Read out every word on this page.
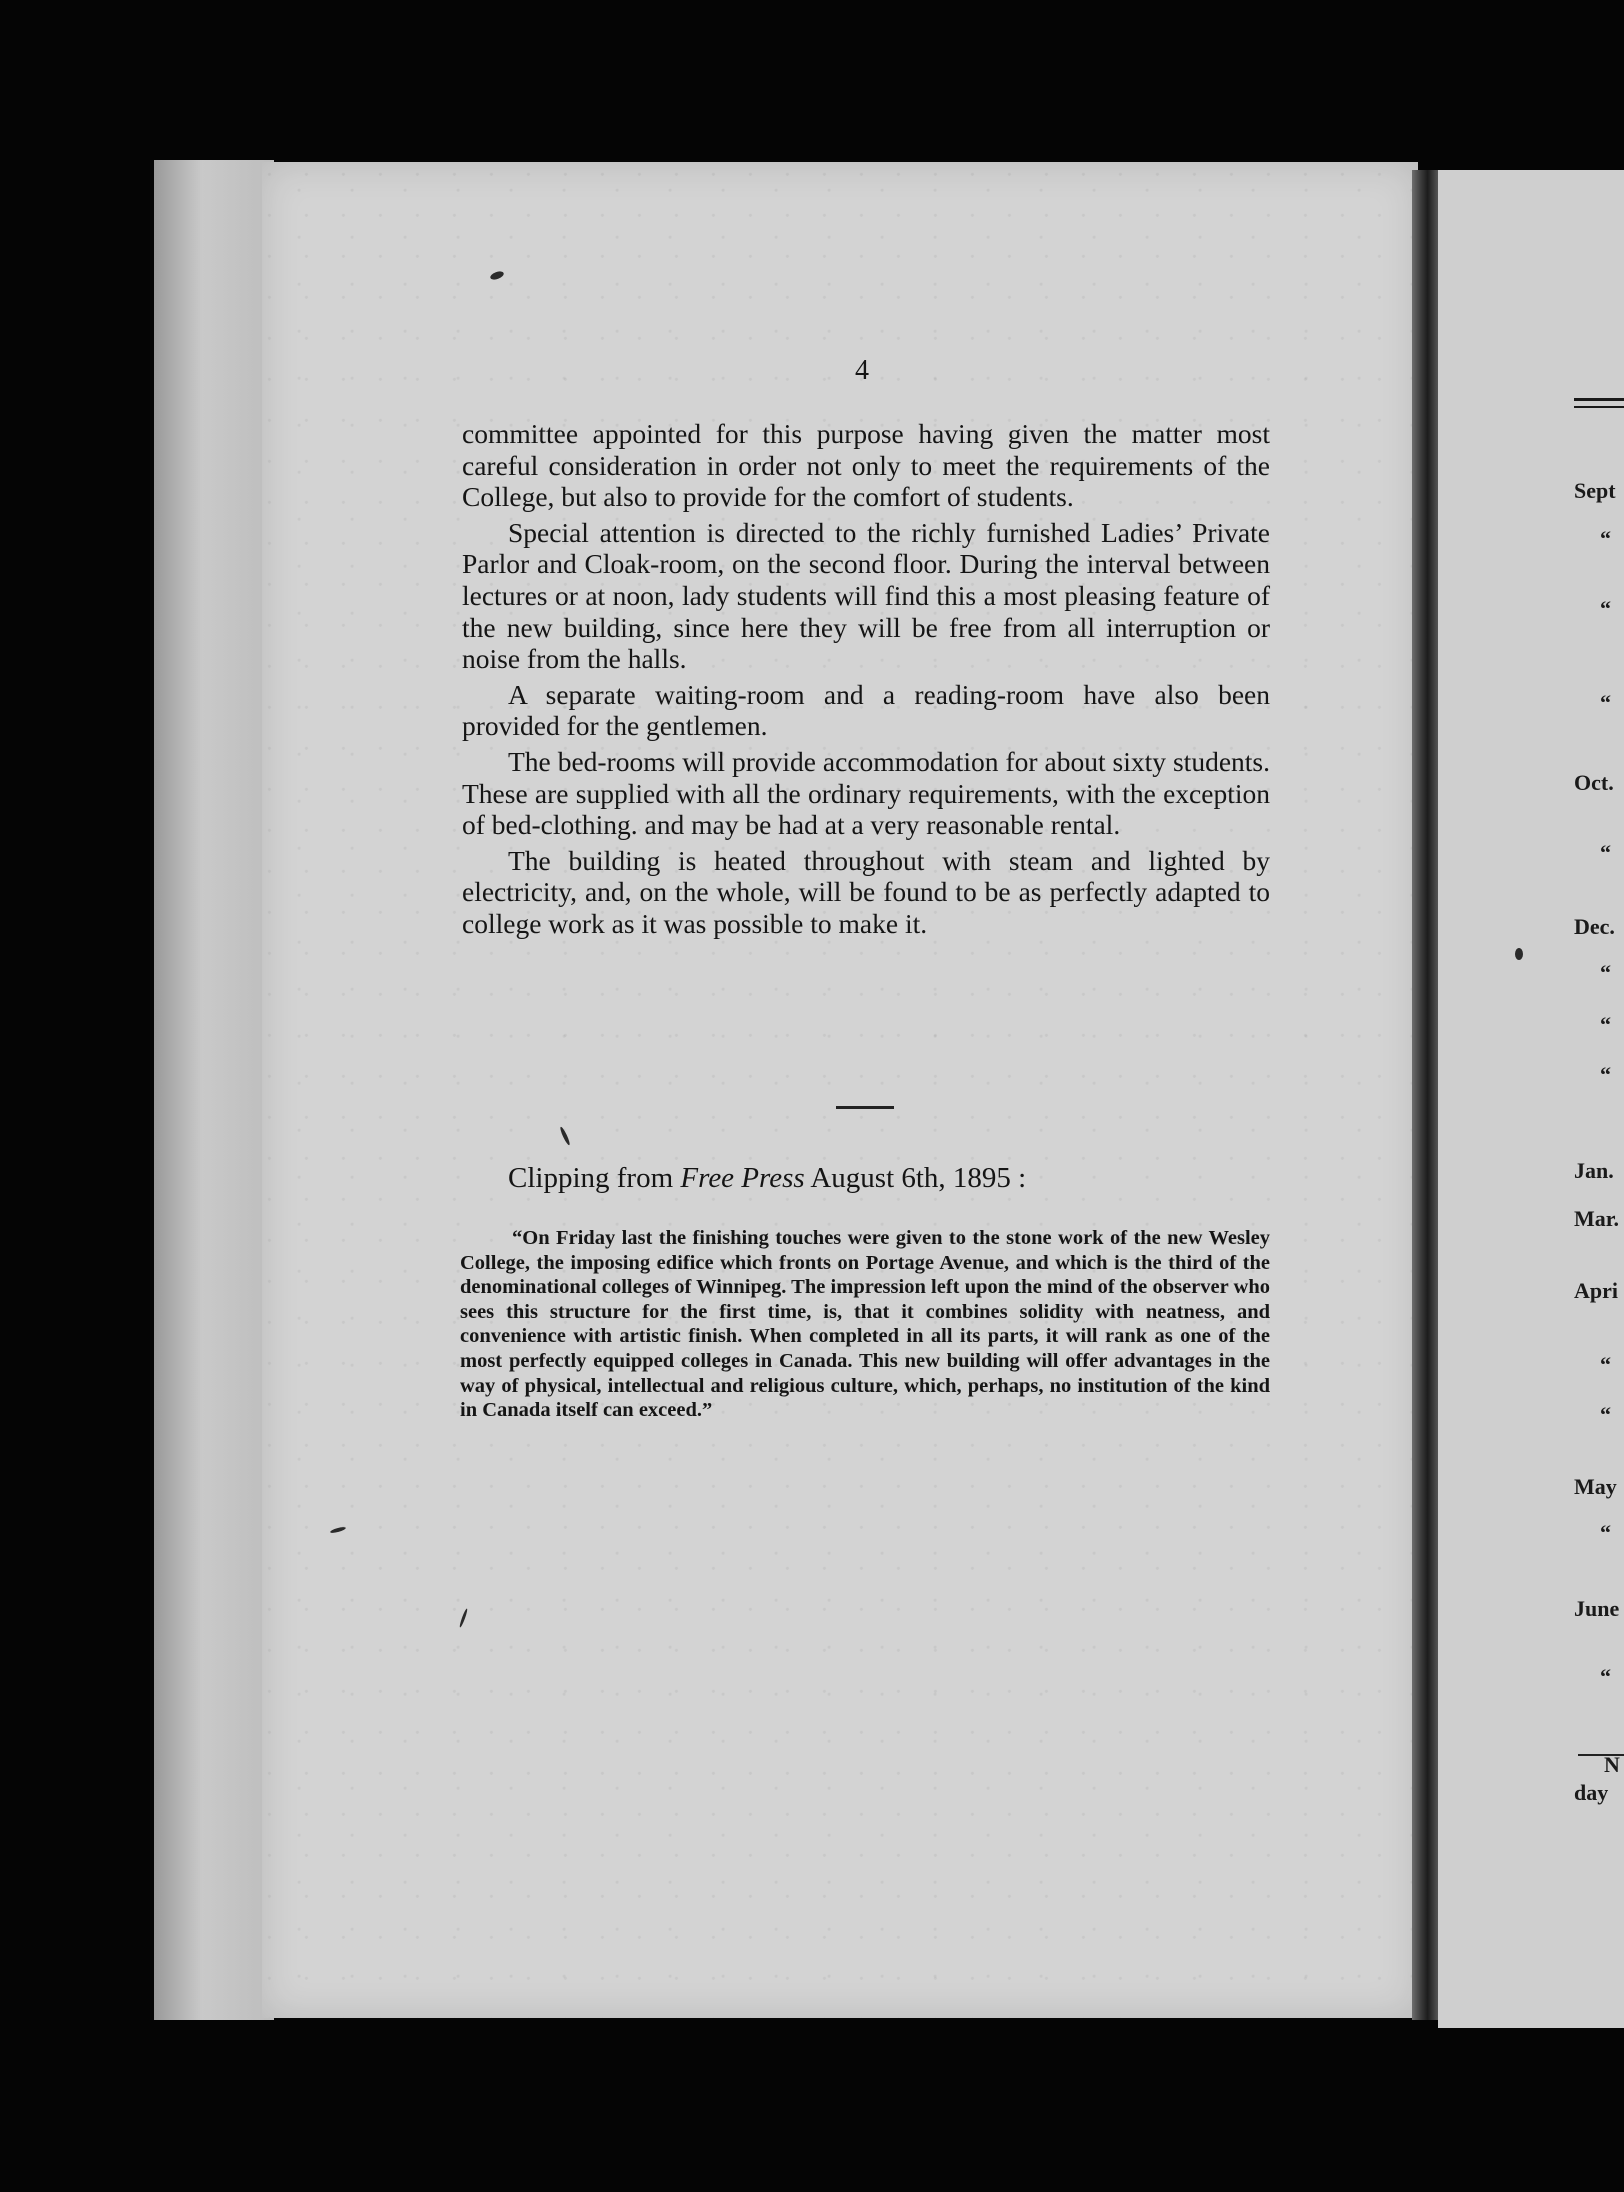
4

committee appointed for this purpose having given the matter most careful consideration in order not only to meet the requirements of the College, but also to provide for the comfort of students.

Special attention is directed to the richly furnished Ladies’ Private Parlor and Cloak-room, on the second floor. During the interval between lectures or at noon, lady students will find this a most pleasing feature of the new building, since here they will be free from all interruption or noise from the halls.

A separate waiting-room and a reading-room have also been provided for the gentlemen.

The bed-rooms will provide accommodation for about sixty students. These are supplied with all the ordinary requirements, with the exception of bed-clothing. and may be had at a very reasonable rental.

The building is heated throughout with steam and lighted by electricity, and, on the whole, will be found to be as perfectly adapted to college work as it was possible to make it.

Clipping from Free Press August 6th, 1895 :
“On Friday last the finishing touches were given to the stone work of the new Wesley College, the imposing edifice which fronts on Portage Avenue, and which is the third of the denominational colleges of Winnipeg. The impression left upon the mind of the observer who sees this structure for the first time, is, that it combines solidity with neatness, and convenience with artistic finish. When completed in all its parts, it will rank as one of the most perfectly equipped colleges in Canada. This new building will offer advantages in the way of physical, intellectual and religious culture, which, perhaps, no institution of the kind in Canada itself can exceed.”
Sept
“
“
“
Oct.
“
Dec.
“
“
“
Jan.
Mar.
Apri
“
“
May
“
June
“
N
day
